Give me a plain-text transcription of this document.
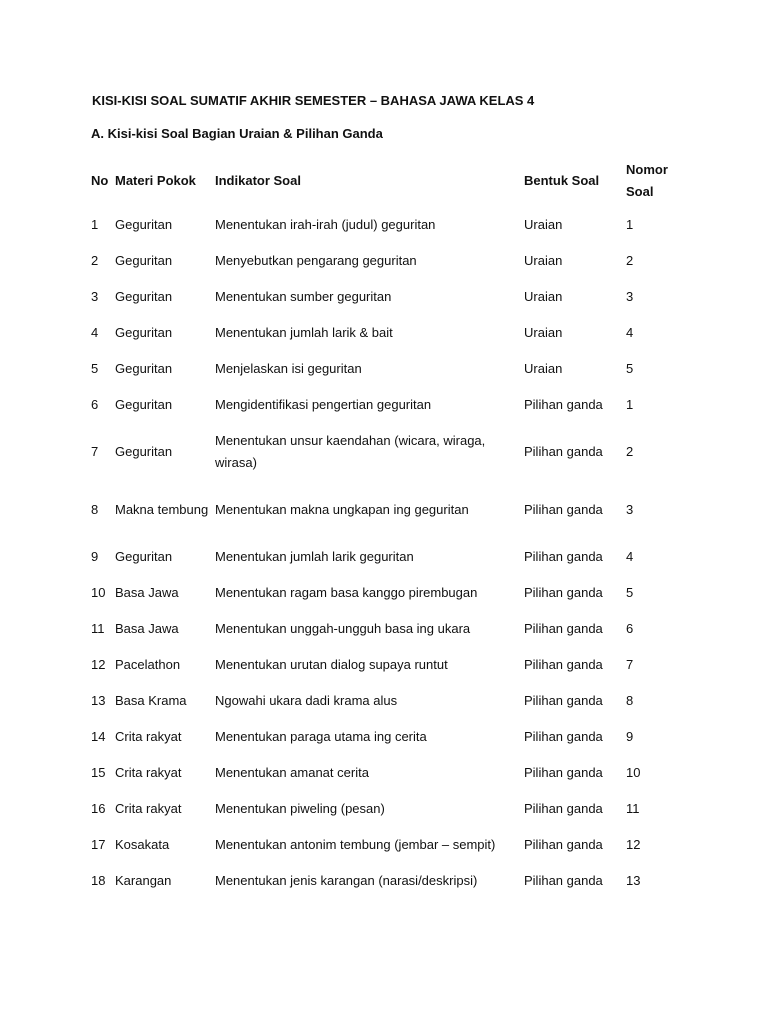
KISI-KISI SOAL SUMATIF AKHIR SEMESTER – BAHASA JAWA KELAS 4
A. Kisi-kisi Soal Bagian Uraian & Pilihan Ganda
No	Materi Pokok	Indikator Soal	Bentuk Soal	Nomor Soal
1	Geguritan	Menentukan irah-irah (judul) geguritan	Uraian	1
2	Geguritan	Menyebutkan pengarang geguritan	Uraian	2
3	Geguritan	Menentukan sumber geguritan	Uraian	3
4	Geguritan	Menentukan jumlah larik & bait	Uraian	4
5	Geguritan	Menjelaskan isi geguritan	Uraian	5
6	Geguritan	Mengidentifikasi pengertian geguritan	Pilihan ganda	1
7	Geguritan	Menentukan unsur kaendahan (wicara, wiraga, wirasa)	Pilihan ganda	2
8	Makna tembung	Menentukan makna ungkapan ing geguritan	Pilihan ganda	3
9	Geguritan	Menentukan jumlah larik geguritan	Pilihan ganda	4
10	Basa Jawa	Menentukan ragam basa kanggo pirembugan	Pilihan ganda	5
11	Basa Jawa	Menentukan unggah-ungguh basa ing ukara	Pilihan ganda	6
12	Pacelathon	Menentukan urutan dialog supaya runtut	Pilihan ganda	7
13	Basa Krama	Ngowahi ukara dadi krama alus	Pilihan ganda	8
14	Crita rakyat	Menentukan paraga utama ing cerita	Pilihan ganda	9
15	Crita rakyat	Menentukan amanat cerita	Pilihan ganda	10
16	Crita rakyat	Menentukan piweling (pesan)	Pilihan ganda	11
17	Kosakata	Menentukan antonim tembung (jembar – sempit)	Pilihan ganda	12
18	Karangan	Menentukan jenis karangan (narasi/deskripsi)	Pilihan ganda	13
